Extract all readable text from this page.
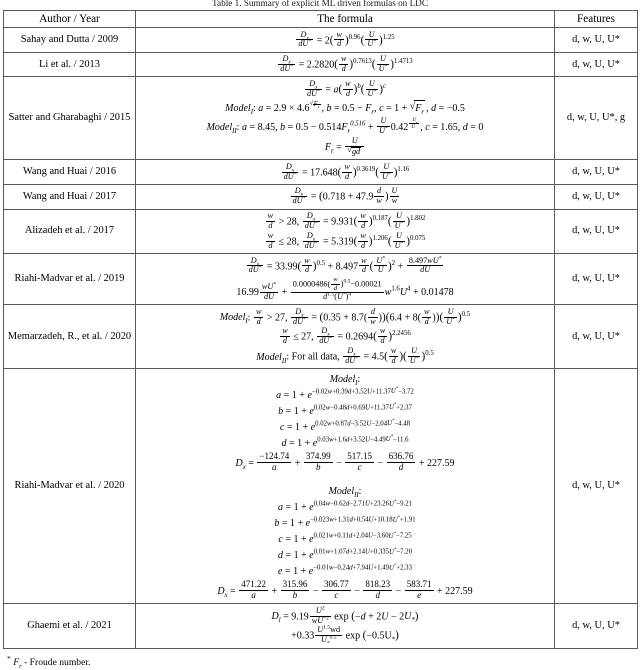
Table 1. Summary of explicit ML driven formulas on LDC
Author / Year	The formula	Features
Sahay and Dutta / 2009	$\frac{D_x}{dU^*} = 2( \frac{w}{d} )^{0.96}( \frac{U}{U^*} )^{1.25}$	d, w, U, U*
Li et al. / 2013	$\frac{D_x}{dU^*} = 2.2820( \frac{w}{d} )^{0.7613}( \frac{U}{U^*} )^{1.4713}$	d, w, U, U*
Satter and Gharabaghi / 2015	
$\frac{D_x}{dU^*} = a( \frac{w}{d} )^b( \frac{U}{U^*} )^c$
Model$_I$: a = 2.9 × 4.6 √ $^{F_r}$ , $b = 0.5 - F_r$, c = 1 + √ $F_r$ , d = −0.5
Model$_{II}$: a = 8.45, $b = 0.5 - 0.514F_r^{0.516} + \frac{U}{U^*} 0.42$ $^{\frac{U}{U^*}}$ , c = 1.65, d = 0
$F_r = U$
√ gd
	d, w, U, U*, g
Wang and Huai / 2016	$\frac{D_x}{dU^*} = 17.648( \frac{w}{d} )^{0.3619}( \frac{U}{U^*} )^{1.16}$	d, w, U, U*
Wang and Huai / 2017	$\frac{D_x}{dU^*} = (0.718 + 47.9 \frac{d}{w}$ ) $\frac{U}{w}$	d, w, U, U*
Alizadeh et al. / 2017	$\frac{w}{d} > 28$, $\frac{D_x}{dU^*} = 9.931( \frac{w}{d} )^{0.187}( \frac{U}{U^*} )^{1.802}$
$\frac{w}{d} \le 28$, $\frac{D_x}{dU^*} = 5.319( \frac{w}{d} )^{1.206}( \frac{U}{U^*} )^{0.075}$
	d, w, U, U*
Riahi-Madvar et al. / 2019	
$\frac{D_x}{dU^*} = 33.99( \frac{w}{d} )^{0.5} + 8.497 \frac{w}{d}$ ( $\frac{U^*}{U} )^2 + \frac{8.497wU^*}{dU}$
$16.99 \frac{wU^*}{dU} + \frac{0.0000486( \frac{w}{d} )^{0.5}-0.00021}{d^{1.5}(U^*)^4} w^{1.6}U^4 + 0.01478$
	d, w, U, U*
Memarzadeh, R., et al. / 2020	
Model$_I$: $\frac{w}{d} > 27$, $\frac{D_x}{dU^*} = (0.35 + 8.7( \frac{d}{w} ))(6.4 + 8( \frac{w}{d}$ ))( $\frac{U}{U^*} )^{0.5}$
$\frac{w}{d} \le 27$, $\frac{D_x}{dU^*} = 0.2694( \frac{w}{d} )^{2.2456}$
Model$_{II}$: For all data, $\frac{D_x}{dU^*} = 4.5( \frac{w}{d}$ )( $\frac{U}{U^*} )^{0.5}$
	d, w, U, U*
Riahi-Madvar et al. / 2020	
Model$_I$:
$a = 1 + e^{-0.02w+0.39d+3.52U+11.37U^*-3.72}$
$b = 1 + e^{0.02w-0.48d+0.69U+11.37U^*+2.37}$
$c = 1 + e^{0.02w+0.87d-3.52U-2.04U^*-4.48}$
$d = 1 + e^{0.03w+1.6d+3.52U-4.49U^*-11.6}$
$D_x = \frac{-124.74}{a} + \frac{374.99}{b} - \frac{517.15}{c} - \frac{636.76}{d} + 227.59$

Model$_{II}$:
$a = 1 + e^{0.04w-0.62d-2.71U+23.26U^*-9.21}$
$b = 1 + e^{-0.023w+1.31d+0.54U+10.18U^*+1.91}$
$c = 1 + e^{0.021w+0.11d+2.04U-3.60U^*-7.25}$
$d = 1 + e^{0.01w+1.07d+2.14U+0.335U^*-7.20}$
$e = 1 + e^{-0.01w-0.24d+7.94U+1.49U^*+2.33}$
$D_x = \frac{471.22}{a} + \frac{315.96}{b} - \frac{306.77}{c} - \frac{818.23}{d} - \frac{583.71}{e} + 227.59$
	d, w, U, U*
Ghaemi et al. / 2021	
$D_l = 9.19 \frac{U^2}{wU^{*2}}$ $\exp (-d + 2U - 2U_*)$
$+0.33 \frac{U^{1.5}wd}{U_*^{0.5}}$ $\exp (-0.5U_*)$
	d, w, U, U*
* $F_r$ - Froude number.
